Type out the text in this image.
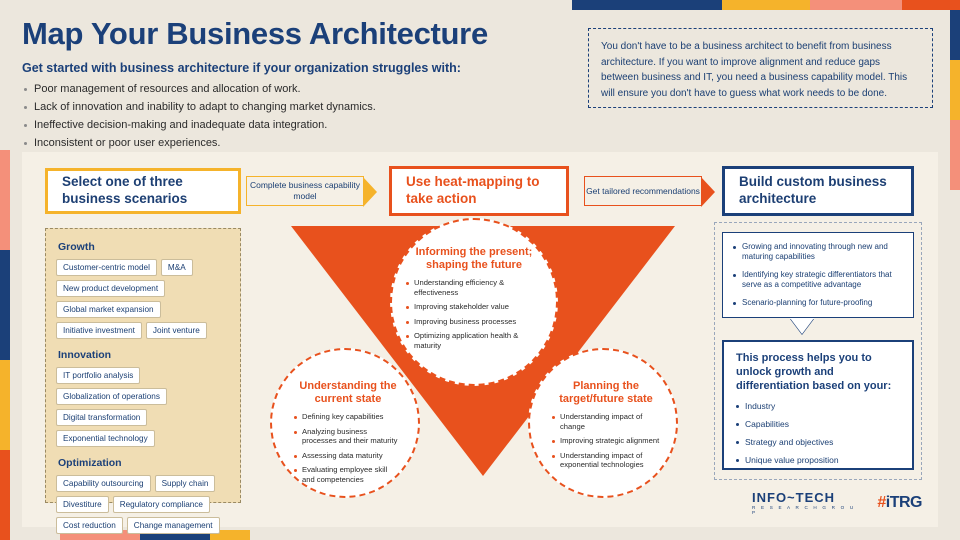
Map Your Business Architecture
Get started with business architecture if your organization struggles with:
Poor management of resources and allocation of work.
Lack of innovation and inability to adapt to changing market dynamics.
Ineffective decision-making and inadequate data integration.
Inconsistent or poor user experiences.
You don't have to be a business architect to benefit from business architecture. If you want to improve alignment and reduce gaps between business and IT, you need a business capability model. This will ensure you don't have to guess what work needs to be done.
Select one of three business scenarios
Use heat-mapping to take action
Build custom business architecture
Complete business capability model
Get tailored recommendations
Growth
Customer-centric model	M&A
New product development
Global market expansion
Initiative investment	Joint venture
Innovation
IT portfolio analysis
Globalization of operations
Digital transformation
Exponential technology
Optimization
Capability outsourcing	Supply chain
Divestiture	Regulatory compliance
Cost reduction	Change management
Informing the present; shaping the future
Understanding efficiency & effectiveness
Improving stakeholder value
Improving business processes
Optimizing application health & maturity
Understanding the current state
Defining key capabilities
Analyzing business processes and their maturity
Assessing data maturity
Evaluating employee skill and competencies
Planning the target/future state
Understanding impact of change
Improving strategic alignment
Understanding impact of exponential technologies
Growing and innovating through new and maturing capabilities
Identifying key strategic differentiators that serve as a competitive advantage
Scenario-planning for future-proofing
This process helps you to unlock growth and differentiation based on your:
Industry
Capabilities
Strategy and objectives
Unique value proposition
INFO~TECH
R E S E A R C H G R O U P
#iTRG
